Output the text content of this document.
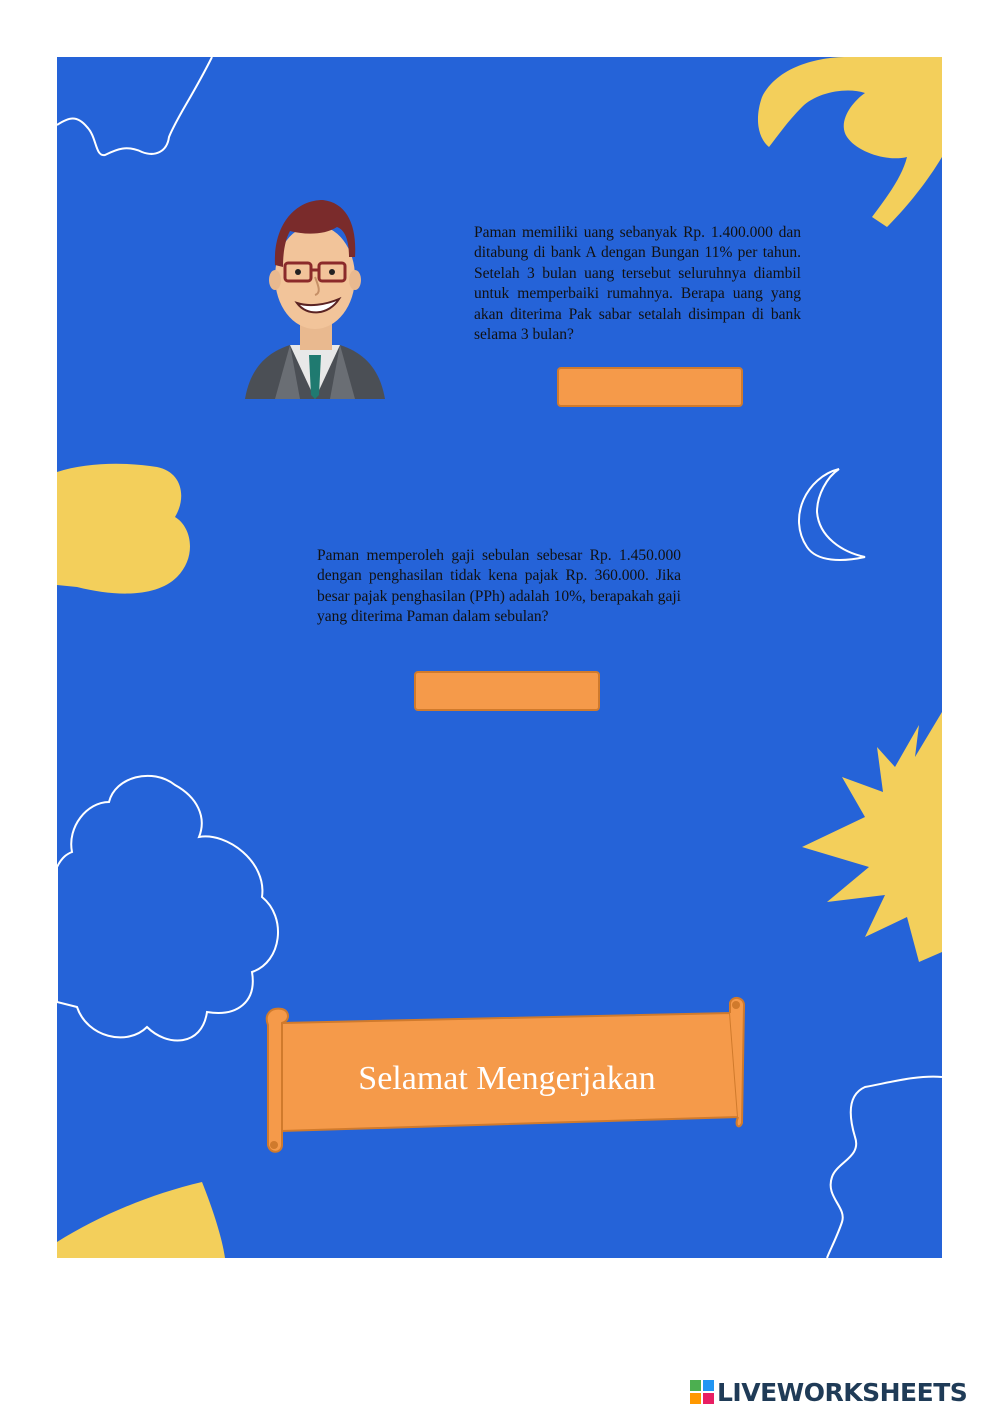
Paman memiliki uang sebanyak Rp. 1.400.000 dan ditabung di bank A dengan Bungan 11% per tahun. Setelah 3 bulan uang tersebut seluruhnya diambil untuk memperbaiki rumahnya. Berapa uang yang akan diterima Pak sabar setalah disimpan di bank selama 3 bulan?

Paman memperoleh gaji sebulan sebesar Rp. 1.450.000 dengan penghasilan tidak kena pajak Rp. 360.000. Jika besar pajak penghasilan (PPh) adalah 10%, berapakah gaji yang diterima Paman dalam sebulan?

Selamat Mengerjakan
LIVEWORKSHEETS
